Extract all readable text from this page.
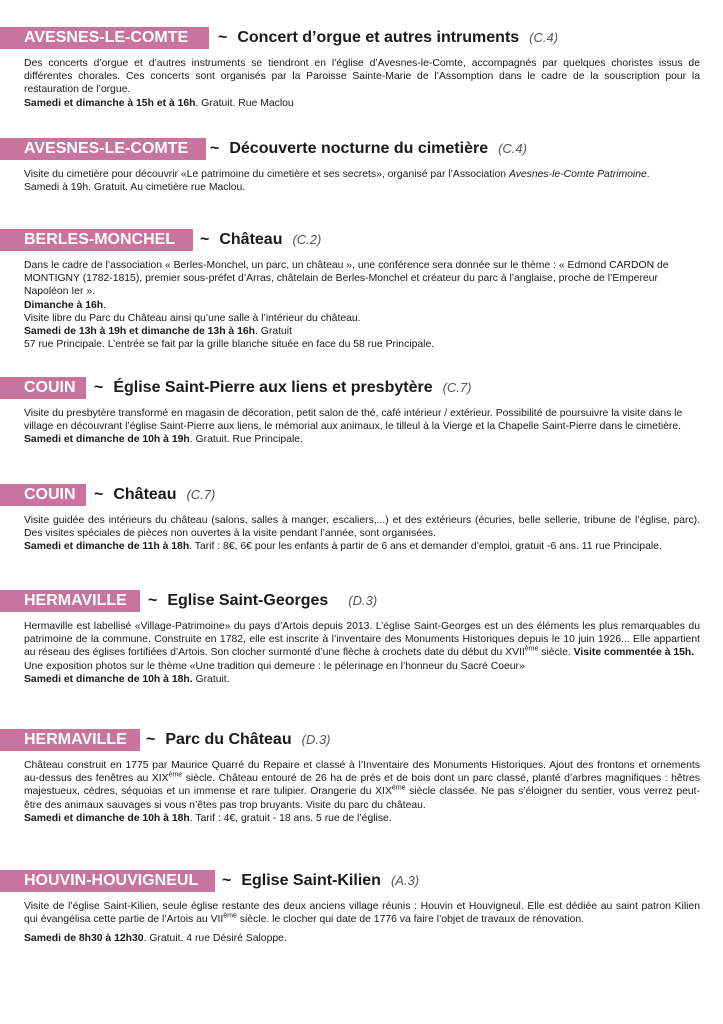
AVESNES-LE-COMTE	~ Concert d’orgue et autres intruments (C.4)

Des concerts d’orgue et d’autres instruments se tiendront en l’église d’Avesnes-le-Comte, accompagnés par quelques choristes issus de différentes chorales. Ces concerts sont organisés par la Paroisse Sainte-Marie de l’Assomption dans le cadre de la souscription pour la restauration de l’orgue.

Samedi et dimanche à 15h et à 16h. Gratuit. Rue Maclou

AVESNES-LE-COMTE	~ Découverte nocturne du cimetière (C.4)

Visite du cimetière pour découvrir «Le patrimoine du cimetière et ses secrets», organisé par l’Association Avesnes-le-Comte Patrimoine.

Samedi à 19h. Gratuit. Au cimetière rue Maclou.

BERLES-MONCHEL	~ Château (C.2)

Dans le cadre de l’association « Berles-Monchel, un parc, un château », une conférence sera donnée sur le thème : « Edmond CARDON de MONTIGNY (1782-1815), premier sous-préfet d’Arras, châtelain de Berles-Monchel et créateur du parc à l’anglaise, proche de l’Empereur Napoléon Ier ».

Dimanche à 16h.

Visite libre du Parc du Château ainsi qu’une salle à l’intérieur du château.

Samedi de 13h à 19h et dimanche de 13h à 16h. Gratuit

57 rue Principale. L’entrée se fait par la grille blanche située en face du 58 rue Principale.

COUIN	~ Église Saint-Pierre aux liens et presbytère (C.7)

Visite du presbytère transformé en magasin de décoration, petit salon de thé, café intérieur / extérieur. Possibilité de poursuivre la visite dans le village en découvrant l’église Saint-Pierre aux liens, le mémorial aux animaux, le tilleul à la Vierge et la Chapelle Saint-Pierre dans le cimetière.

Samedi et dimanche de 10h à 19h. Gratuit. Rue Principale.

COUIN	~ Château (C.7)

Visite guidée des intérieurs du château (salons, salles à manger, escaliers,...) et des extérieurs (écuries, belle sellerie, tribune de l’église, parc). Des visites spéciales de pièces non ouvertes à la visite pendant l’année, sont organisées.

Samedi et dimanche de 11h à 18h. Tarif : 8€, 6€ pour les enfants à partir de 6 ans et demander d’emploi, gratuit -6 ans. 11 rue Principale.

HERMAVILLE	~ Eglise Saint-Georges (D.3)

Hermaville est labellisé «Village-Patrimoine» du pays d’Artois depuis 2013. L’église Saint-Georges est un des éléments les plus remarquables du patrimoine de la commune. Construite en 1782, elle est inscrite à l’inventaire des Monuments Historiques depuis le 10 juin 1926... Elle appartient au réseau des églises fortifiées d’Artois. Son clocher surmonté d’une flèche à crochets date du début du XVIIème siècle. Visite commentée à 15h.

Une exposition photos sur le thème «Une tradition qui demeure : le pélerinage en l’honneur du Sacré Coeur»

Samedi et dimanche de 10h à 18h. Gratuit.

HERMAVILLE	~ Parc du Château (D.3)

Château construit en 1775 par Maurice Quarré du Repaire et classé à l’Inventaire des Monuments Historiques. Ajout des frontons et ornements au-dessus des fenêtres au XIXème siècle. Château entouré de 26 ha de prés et de bois dont un parc classé, planté d’arbres magnifiques : hêtres majestueux, cèdres, séquoias et un immense et rare tulipier. Orangerie du XIXème siècle classée. Ne pas s’éloigner du sentier, vous verrez peut-être des animaux sauvages si vous n’êtes pas trop bruyants. Visite du parc du château.

Samedi et dimanche de 10h à 18h. Tarif : 4€, gratuit - 18 ans. 5 rue de l’église.

HOUVIN-HOUVIGNEUL	~ Eglise Saint-Kilien (A.3)

Visite de l’église Saint-Kilien, seule église restante des deux anciens village réunis : Houvin et Houvigneul. Elle est dédiée au saint patron Kilien qui évangélisa cette partie de l’Artois au VIIème siècle. le clocher qui date de 1776 va faire l’objet de travaux de rénovation.

Samedi de 8h30 à 12h30. Gratuit. 4 rue Désiré Saloppe.
